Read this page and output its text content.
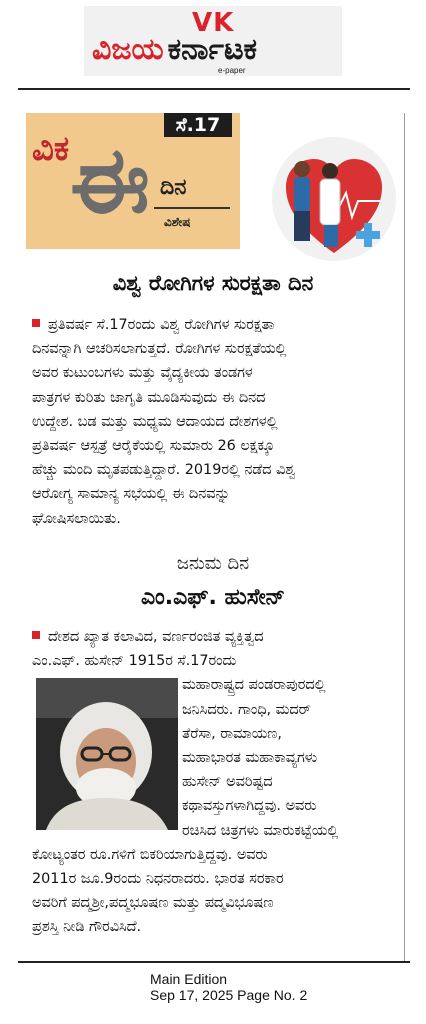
VK
ವಿಜಯ ಕರ್ನಾಟಕ
e-paper
ಸೆ.17
ವಿಕ ಈ ದಿನ
ವಿಶೇಷ
ವಿಶ್ವ ರೋಗಿಗಳ ಸುರಕ್ಷತಾ ದಿನ

ಪ್ರತಿವರ್ಷ ಸೆ.17ರಂದು ವಿಶ್ವ ರೋಗಿಗಳ ಸುರಕ್ಷತಾ

ದಿನವನ್ನಾಗಿ ಆಚರಿಸಲಾಗುತ್ತದೆ. ರೋಗಿಗಳ ಸುರಕ್ಷತೆಯಲ್ಲಿ

ಅವರ ಕುಟುಂಬಗಳು ಮತ್ತು ವೈದ್ಯಕೀಯ ತಂಡಗಳ

ಪಾತ್ರಗಳ ಕುರಿತು ಜಾಗೃತಿ ಮೂಡಿಸುವುದು ಈ ದಿನದ

ಉದ್ದೇಶ. ಬಡ ಮತ್ತು ಮಧ್ಯಮ ಆದಾಯದ ದೇಶಗಳಲ್ಲಿ

ಪ್ರತಿವರ್ಷ ಆಸ್ಪತ್ರೆ ಆರೈಕೆಯಲ್ಲಿ ಸುಮಾರು 26 ಲಕ್ಷಕ್ಕೂ

ಹೆಚ್ಚು ಮಂದಿ ಮೃತಪಡುತ್ತಿದ್ದಾರೆ. 2019ರಲ್ಲಿ ನಡೆದ ವಿಶ್ವ

ಆರೋಗ್ಯ ಸಾಮಾನ್ಯ ಸಭೆಯಲ್ಲಿ ಈ ದಿನವನ್ನು

ಘೋಷಿಸಲಾಯಿತು.

ಜನುಮ ದಿನ
ಎಂ.ಎಫ್. ಹುಸೇನ್

ದೇಶದ ಖ್ಯಾತ ಕಲಾವಿದ, ವರ್ಣರಂಜಿತ ವ್ಯಕ್ತಿತ್ವದ

ಎಂ.ಎಫ್. ಹುಸೇನ್ 1915ರ ಸೆ.17ರಂದು

ಮಹಾರಾಷ್ಟ್ರದ ಪಂಡರಾಪುರದಲ್ಲಿ

ಜನಿಸಿದರು. ಗಾಂಧಿ, ಮದರ್

ತೆರೆಸಾ, ರಾಮಾಯಣ,

ಮಹಾಭಾರತ ಮಹಾಕಾವ್ಯಗಳು

ಹುಸೇನ್ ಅವರಿಷ್ಟದ

ಕಥಾವಸ್ತುಗಳಾಗಿದ್ದವು. ಅವರು

ರಚಿಸಿದ ಚಿತ್ರಗಳು ಮಾರುಕಟ್ಟೆಯಲ್ಲಿ

ಕೋಟ್ಯಂತರ ರೂ.ಗಳಿಗೆ ಬಿಕರಿಯಾಗುತ್ತಿದ್ದವು. ಅವರು

2011ರ ಜೂ.9ರಂದು ನಿಧನರಾದರು. ಭಾರತ ಸರಕಾರ

ಅವರಿಗೆ ಪದ್ಮಶ್ರೀ,ಪದ್ಮಭೂಷಣ ಮತ್ತು ಪದ್ಮವಿಭೂಷಣ

ಪ್ರಶಸ್ತಿ ನೀಡಿ ಗೌರವಿಸಿದೆ.

Main Edition
Sep 17, 2025 Page No. 2
